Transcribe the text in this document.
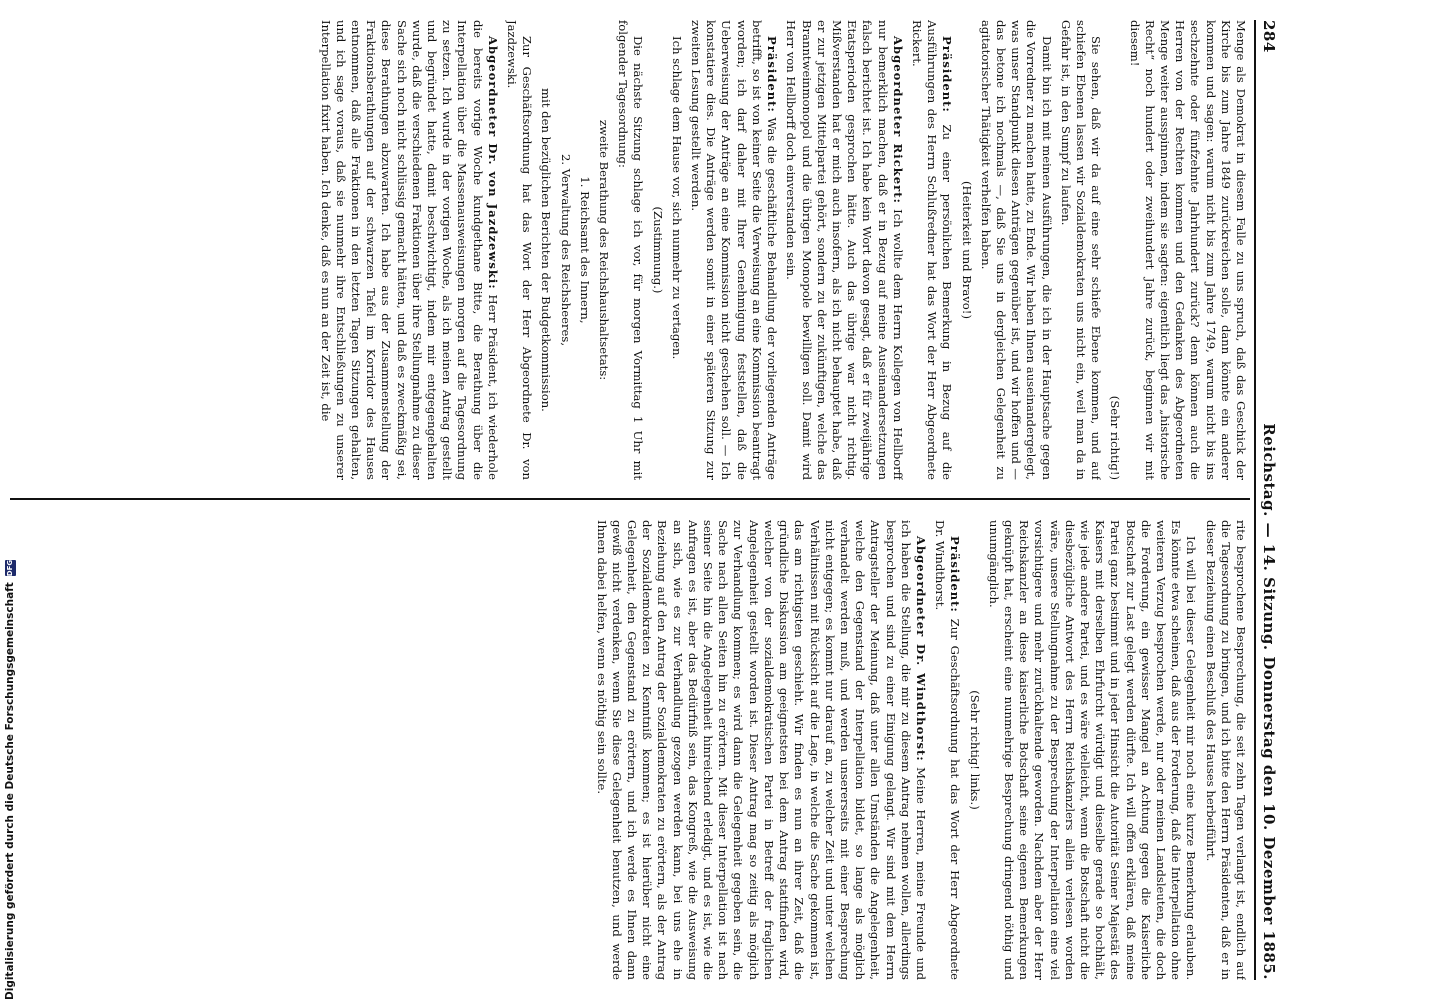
284
Reichstag. — 14. Sitzung. Donnerstag den 10. Dezember 1885.

Menge als Demokrat in diesem Falle zu uns spruch, daß das Geschick der Kirche bis zum Jahre 1849 zurückreichen solle, dann könnte ein anderer kommen und sagen: warum nicht bis zum Jahre 1749, warum nicht bis ins sechzehnte oder fünfzehnte Jahrhundert zurück? denn können auch die Herren von der Rechten kommen und den Gedanken des Abgeordneten Menge weiter ausspinnen, indem sie sagten: eigentlich liegt das „historische Recht“ noch hundert oder zweihundert Jahre zurück, beginnen wir mit diesem!

(Sehr richtig!)

Sie sehen, daß wir da auf eine sehr schiefe Ebene kommen, und auf schiefen Ebenen lassen wir Sozialdemokraten uns nicht ein, weil man da in Gefahr ist, in den Sumpf zu laufen.

Damit bin ich mit meinen Ausführungen, die ich in der Hauptsache gegen die Vorredner zu machen hatte, zu Ende. Wir haben Ihnen auseinandergelegt, was unser Standpunkt diesen Anträgen gegenüber ist, und wir hoffen und — das betone ich nochmals —, daß Sie uns in dergleichen Gelegenheit zu agitatorischer Thätigkeit verhelfen haben.

(Heiterkeit und Bravo!)

Präsident: Zu einer persönlichen Bemerkung in Bezug auf die Ausführungen des Herrn Schlußredner hat das Wort der Herr Abgeordnete Rickert.

Abgeordneter Rickert: Ich wollte dem Herrn Kollegen von Hellborff nur bemerklich machen, daß er in Bezug auf meine Auseinandersetzungen falsch berichtet ist. Ich habe kein Wort davon gesagt, daß er für zweijährige Etatsperioden gesprochen hätte. Auch das übrige war nicht richtig. Mißverstanden hat er mich auch insofern, als ich nicht behauptet habe, daß er zur jetzigen Mittelpartei gehört, sondern zu der zukünftigen, welche das Branntweinmonopol und die übrigen Monopole bewilligen soll. Damit wird Herr von Hellborff doch einverstanden sein.

Präsident: Was die geschäftliche Behandlung der vorliegenden Anträge betrifft, so ist von keiner Seite die Verweisung an eine Kommission beantragt worden; ich darf daher mit Ihrer Genehmigung feststellen, daß die Ueberweisung der Anträge an eine Kommission nicht geschehen soll. — Ich konstatiere dies. Die Anträge werden somit in einer späteren Sitzung zur zweiten Lesung gestellt werden.

Ich schlage dem Hause vor, sich nunmehr zu vertagen.

(Zustimmung.)

Die nächste Sitzung schlage ich vor, für morgen Vormittag 1 Uhr mit folgender Tagesordnung:

zweite Berathung des Reichshaushaltsetats:

1. Reichsamt des Innern,

2. Verwaltung des Reichsheeres,

mit den bezüglichen Berichten der Budgetkommission.

Zur Geschäftsordnung hat das Wort der Herr Abgeordnete Dr. von Jazdzewski.

Abgeordneter Dr. von Jazdzewski: Herr Präsident, ich wiederhole die bereits vorige Woche kundgethane Bitte, die Berathung über die Interpellation über die Massenausweisungen morgen auf die Tagesordnung zu setzen. Ich wurde in der vorigen Woche, als ich meinen Antrag gestellt und begründet hatte, damit beschwichtigt, indem mir entgegengehalten wurde, daß die verschiedenen Fraktionen über ihre Stellungnahme zu dieser Sache sich noch nicht schlüssig gemacht hätten, und daß es zweckmäßig sei, diese Berathungen abzuwarten. Ich habe aus der Zusammenstellung der Fraktionsberathungen auf der schwarzen Tafel im Korridor des Hauses entnommen, daß alle Fraktionen in den letzten Tagen Sitzungen gehalten, und ich sage voraus, daß sie nunmehr ihre Entschließungen zu unserer Interpellation fixirt haben. Ich denke, daß es nun an der Zeit ist, die

rite besprochene Besprechung, die seit zehn Tagen verlangt ist, endlich auf die Tagesordnung zu bringen, und ich bitte den Herrn Präsidenten, daß er in dieser Beziehung einen Beschluß des Hauses herbeiführt.

Ich will bei dieser Gelegenheit mir noch eine kurze Bemerkung erlauben. Es könnte etwa scheinen, daß aus der Forderung, daß die Interpellation ohne weiteren Verzug besprochen werde, nur oder meinen Landsleuten, die doch die Forderung, ein gewisser Mangel an Achtung gegen die Kaiserliche Botschaft zur Last gelegt werden dürfte. Ich will offen erklären, daß meine Partei ganz bestimmt und in jeder Hinsicht die Autorität Seiner Majestät des Kaisers mit derselben Ehrfurcht würdigt und dieselbe gerade so hochhält, wie jede andere Partei, und es wäre vielleicht, wenn die Botschaft nicht die diesbezügliche Antwort des Herrn Reichskanzlers allein verlesen worden wäre, unsere Stellungnahme zu der Besprechung der Interpellation eine viel vorsichtigere und mehr zurückhaltende geworden. Nachdem aber der Herr Reichskanzler an diese kaiserliche Botschaft seine eigenen Bemerkungen geknüpft hat, erscheint eine nunmehrige Besprechung dringend nöthig und unumgänglich.

(Sehr richtig! links.)

Präsident: Zur Geschäftsordnung hat das Wort der Herr Abgeordnete Dr. Windthorst.

Abgeordneter Dr. Windthorst: Meine Herren, meine Freunde und ich haben die Stellung, die mir zu diesem Antrag nehmen wollen, allerdings besprochen und sind zu einer Einigung gelangt. Wir sind mit dem Herrn Antragsteller der Meinung, daß unter allen Umständen die Angelegenheit, welche den Gegenstand der Interpellation bildet, so lange als möglich verhandelt werden muß, und werden unsererseits mit einer Besprechung nicht entgegen; es kommt nur darauf an, zu welcher Zeit und unter welchen Verhältnissen mit Rücksicht auf die Lage, in welche die Sache gekommen ist, das am richtigsten geschieht. Wir finden es nun an ihrer Zeit, daß die gründliche Diskussion am geeignetsten bei dem Antrag stattfinden wird, welcher von der sozialdemokratischen Partei in Betreff der fraglichen Angelegenheit gestellt worden ist. Dieser Antrag mag so zeitig als möglich zur Verhandlung kommen; es wird dann die Gelegenheit gegeben sein, die Sache nach allen Seiten hin zu erörtern. Mit dieser Interpellation ist nach seiner Seite hin die Angelegenheit hinreichend erledigt, und es ist, wie die Anfragen es ist, aber das Bedürfniß sein, das Kongreß, wie die Ausweisung an sich, wie es zur Verhandlung gezogen werden kann, bei uns ehe in Beziehung auf den Antrag der Sozialdemokraten zu erörtern, als der Antrag der Sozialdemokraten zu Kenntniß kommen; es ist hierüber nicht eine Gelegenheit, den Gegenstand zu erörtern, und ich werde es Ihnen dann gewiß nicht verdenken, wenn Sie diese Gelegenheit benutzen, und werde Ihnen dabei helfen, wenn es nöthig sein sollte.

Digitalisierung gefördert durch die Deutsche Forschungsgemeinschaft
DFG
